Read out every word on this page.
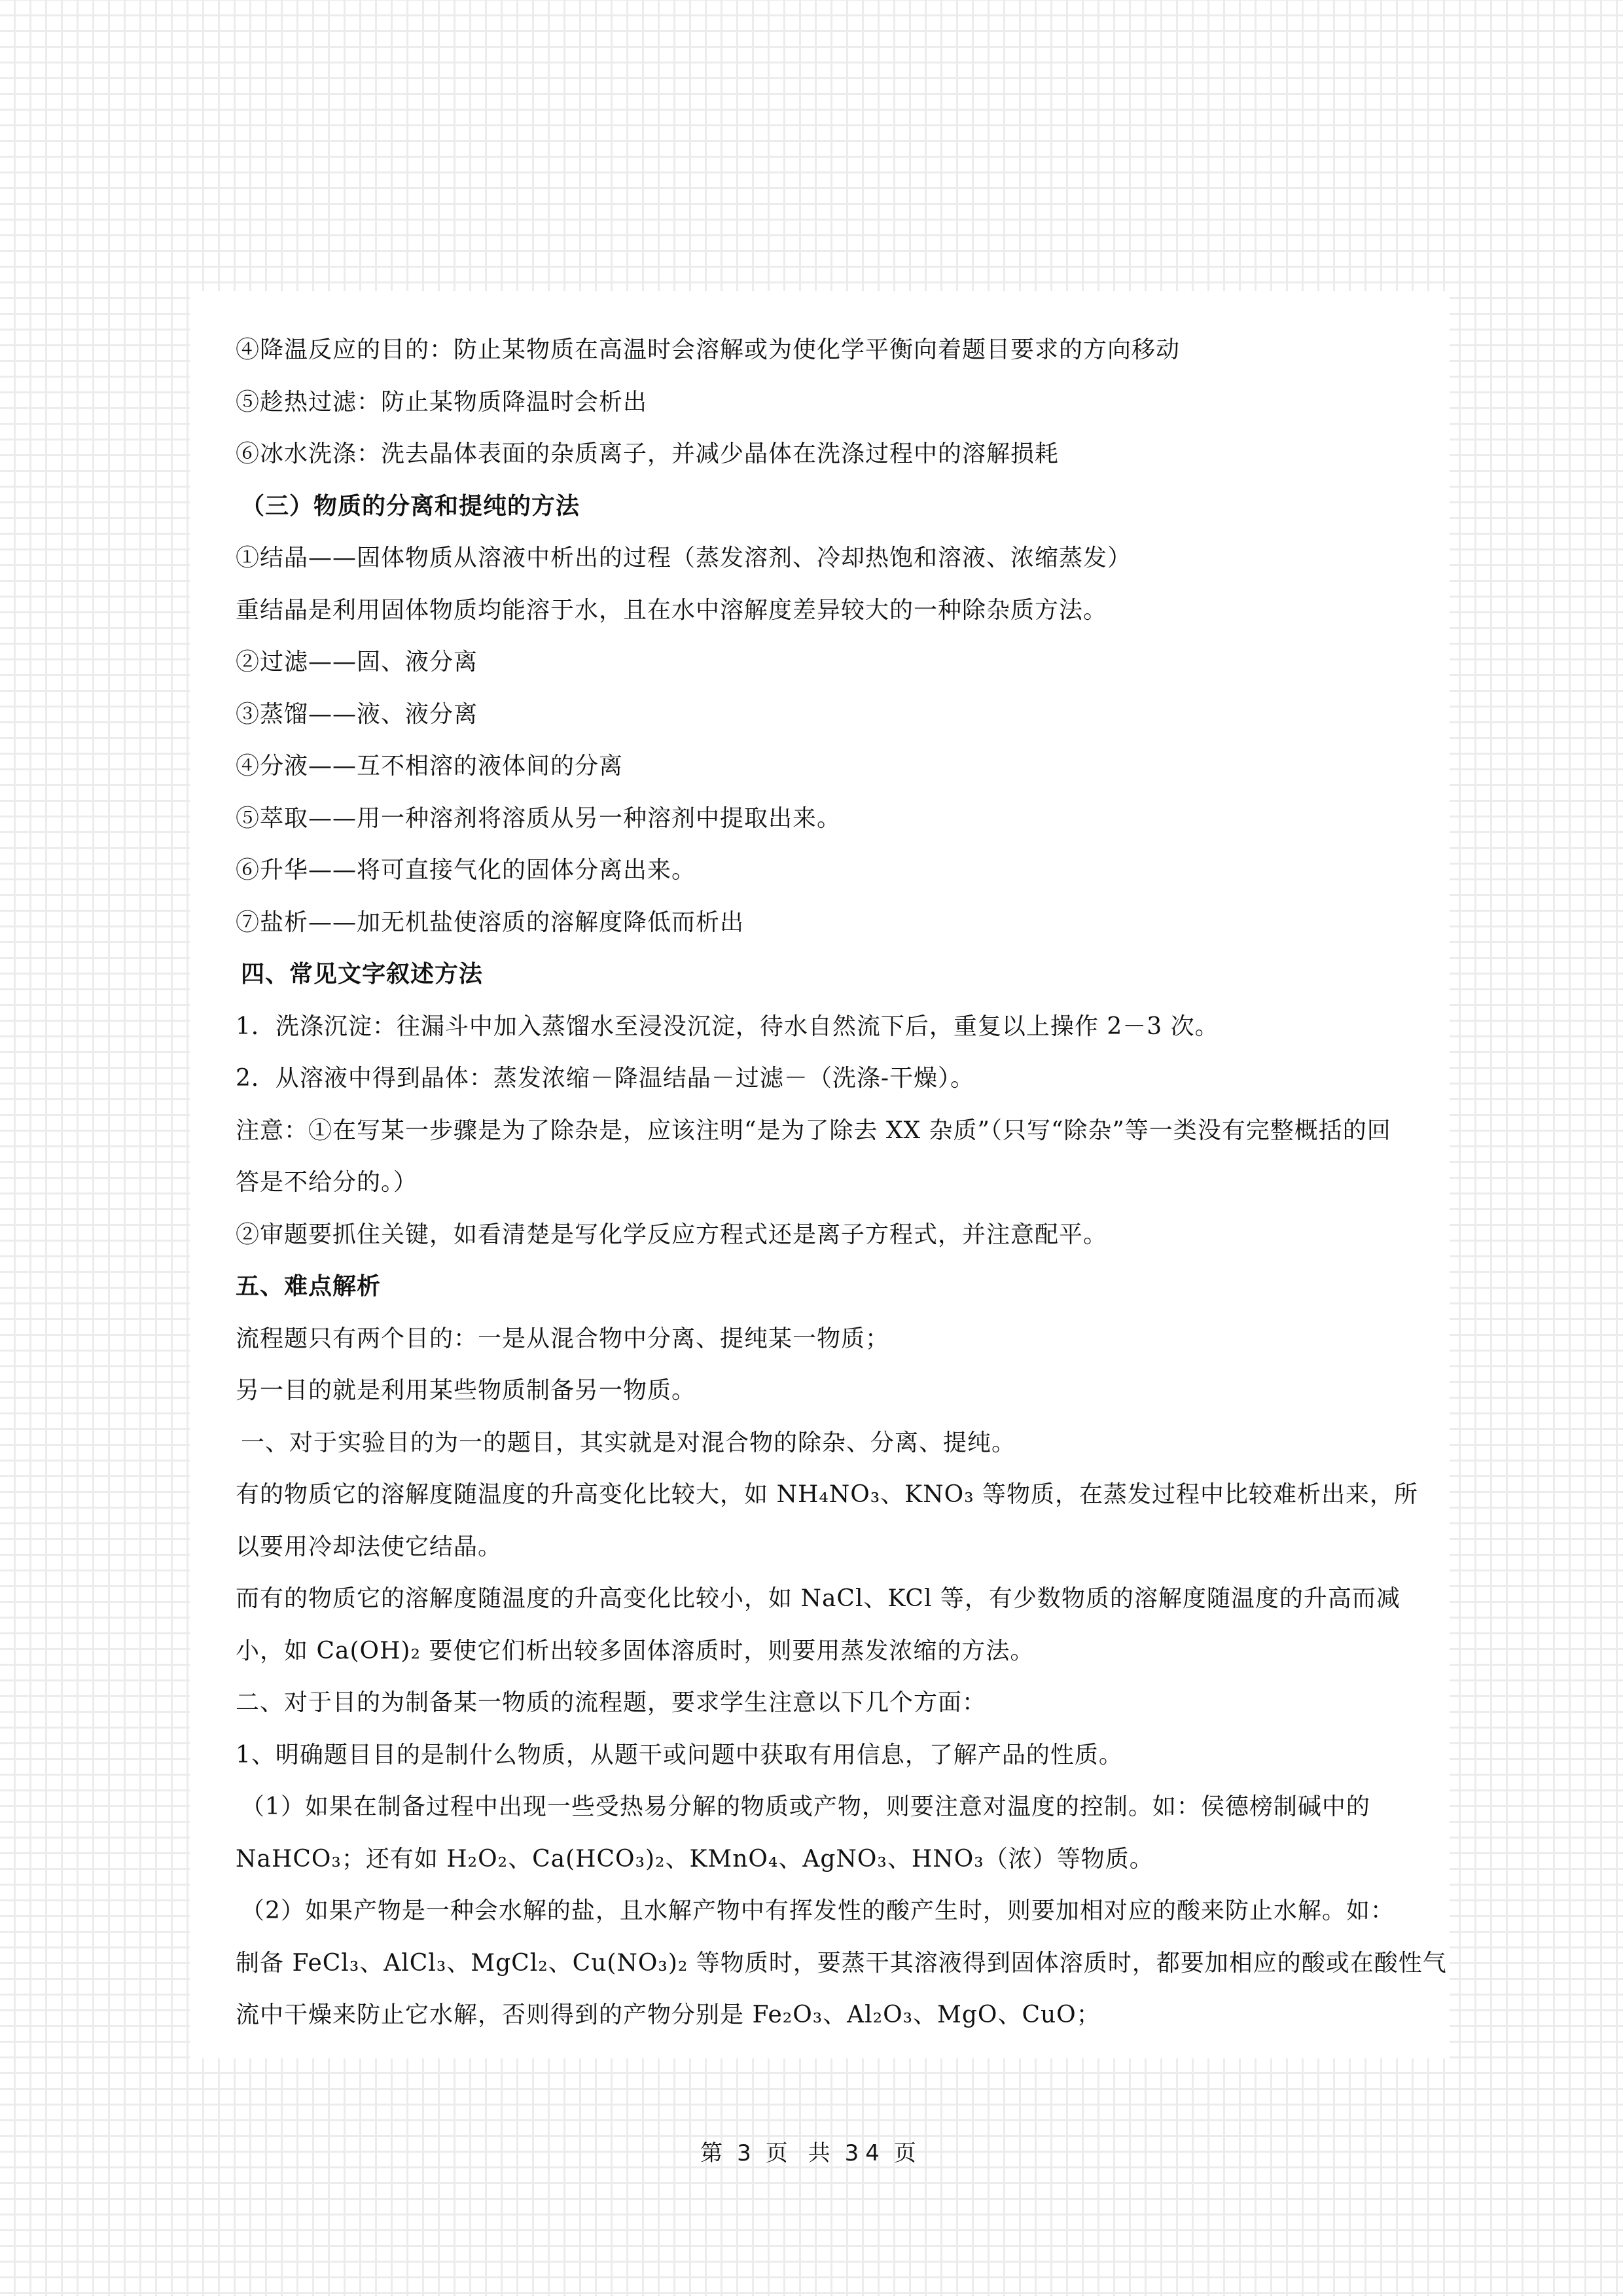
④降温反应的目的：防止某物质在高温时会溶解或为使化学平衡向着题目要求的方向移动
⑤趁热过滤：防止某物质降温时会析出
⑥冰水洗涤：洗去晶体表面的杂质离子，并减少晶体在洗涤过程中的溶解损耗
（三）物质的分离和提纯的方法
①结晶——固体物质从溶液中析出的过程（蒸发溶剂、冷却热饱和溶液、浓缩蒸发）
重结晶是利用固体物质均能溶于水，且在水中溶解度差异较大的一种除杂质方法。
②过滤——固、液分离
③蒸馏——液、液分离
④分液——互不相溶的液体间的分离
⑤萃取——用一种溶剂将溶质从另一种溶剂中提取出来。
⑥升华——将可直接气化的固体分离出来。
⑦盐析——加无机盐使溶质的溶解度降低而析出
四、常见文字叙述方法
1．洗涤沉淀：往漏斗中加入蒸馏水至浸没沉淀，待水自然流下后，重复以上操作 2－3 次。
2．从溶液中得到晶体：蒸发浓缩－降温结晶－过滤－（洗涤-干燥）。
注意：①在写某一步骤是为了除杂是，应该注明“是为了除去 XX 杂质”（只写“除杂”等一类没有完整概括的回
答是不给分的。）
②审题要抓住关键，如看清楚是写化学反应方程式还是离子方程式，并注意配平。
五、难点解析
流程题只有两个目的：一是从混合物中分离、提纯某一物质；
另一目的就是利用某些物质制备另一物质。
一、对于实验目的为一的题目，其实就是对混合物的除杂、分离、提纯。
有的物质它的溶解度随温度的升高变化比较大，如 NH₄NO₃、KNO₃ 等物质，在蒸发过程中比较难析出来，所
以要用冷却法使它结晶。
而有的物质它的溶解度随温度的升高变化比较小，如 NaCl、KCl 等，有少数物质的溶解度随温度的升高而减
小，如 Ca(OH)₂ 要使它们析出较多固体溶质时，则要用蒸发浓缩的方法。
二、对于目的为制备某一物质的流程题，要求学生注意以下几个方面：
1、明确题目目的是制什么物质，从题干或问题中获取有用信息，了解产品的性质。
（1）如果在制备过程中出现一些受热易分解的物质或产物，则要注意对温度的控制。如：侯德榜制碱中的
NaHCO₃；还有如 H₂O₂、Ca(HCO₃)₂、KMnO₄、AgNO₃、HNO₃（浓）等物质。
（2）如果产物是一种会水解的盐，且水解产物中有挥发性的酸产生时，则要加相对应的酸来防止水解。如：
制备 FeCl₃、AlCl₃、MgCl₂、Cu(NO₃)₂ 等物质时，要蒸干其溶液得到固体溶质时，都要加相应的酸或在酸性气
流中干燥来防止它水解，否则得到的产物分别是 Fe₂O₃、Al₂O₃、MgO、CuO；
第 3 页 共 34 页
